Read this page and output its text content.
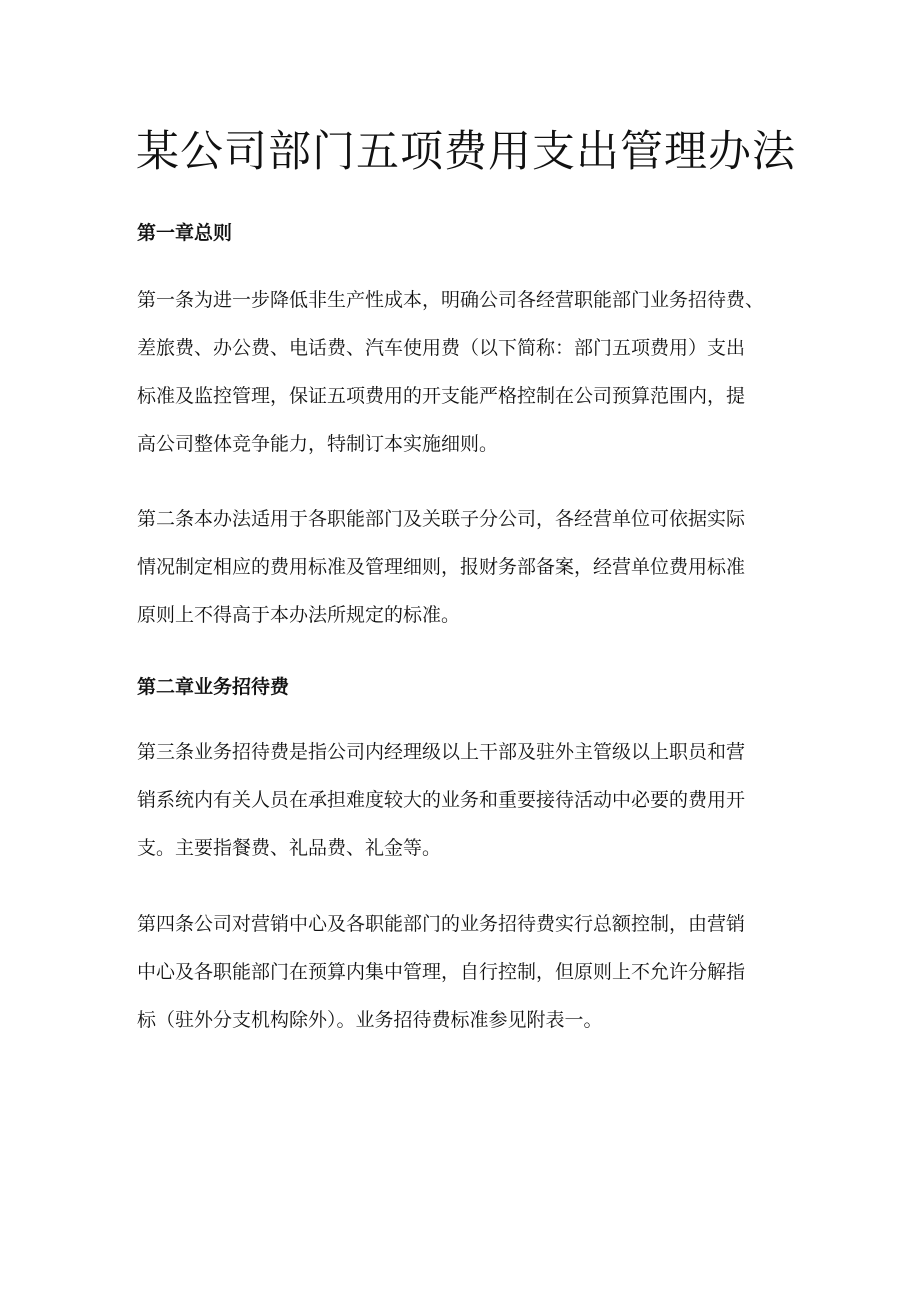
某公司部门五项费用支出管理办法
第一章总则

第一条为进一步降低非生产性成本，明确公司各经营职能部门业务招待费、
差旅费、办公费、电话费、汽车使用费（以下简称：部门五项费用）支出
标准及监控管理，保证五项费用的开支能严格控制在公司预算范围内，提
高公司整体竞争能力，特制订本实施细则。

第二条本办法适用于各职能部门及关联子分公司，各经营单位可依据实际
情况制定相应的费用标准及管理细则，报财务部备案，经营单位费用标准
原则上不得高于本办法所规定的标准。

第二章业务招待费

第三条业务招待费是指公司内经理级以上干部及驻外主管级以上职员和营
销系统内有关人员在承担难度较大的业务和重要接待活动中必要的费用开
支。主要指餐费、礼品费、礼金等。

第四条公司对营销中心及各职能部门的业务招待费实行总额控制，由营销
中心及各职能部门在预算内集中管理，自行控制，但原则上不允许分解指
标（驻外分支机构除外）。业务招待费标准参见附表一。
